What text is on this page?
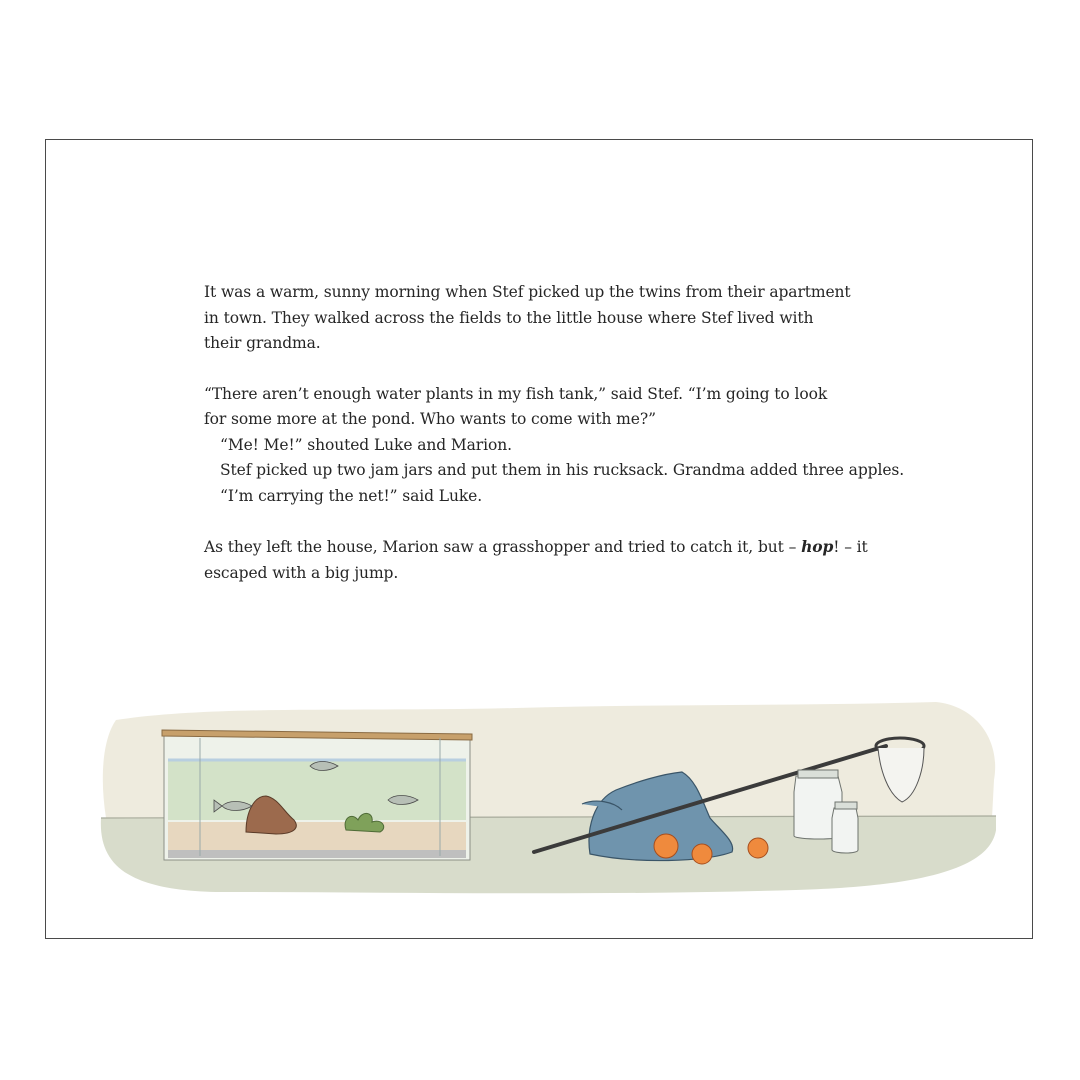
It was a warm, sunny morning when Stef picked up the twins from their apartment

in town. They walked across the fields to the little house where Stef lived with

their grandma.

“There aren’t enough water plants in my fish tank,” said Stef. “I’m going to look

for some more at the pond. Who wants to come with me?”

“Me! Me!” shouted Luke and Marion.

Stef picked up two jam jars and put them in his rucksack. Grandma added three apples.

“I’m carrying the net!” said Luke.

As they left the house, Marion saw a grasshopper and tried to catch it, but – hop! – it

escaped with a big jump.
